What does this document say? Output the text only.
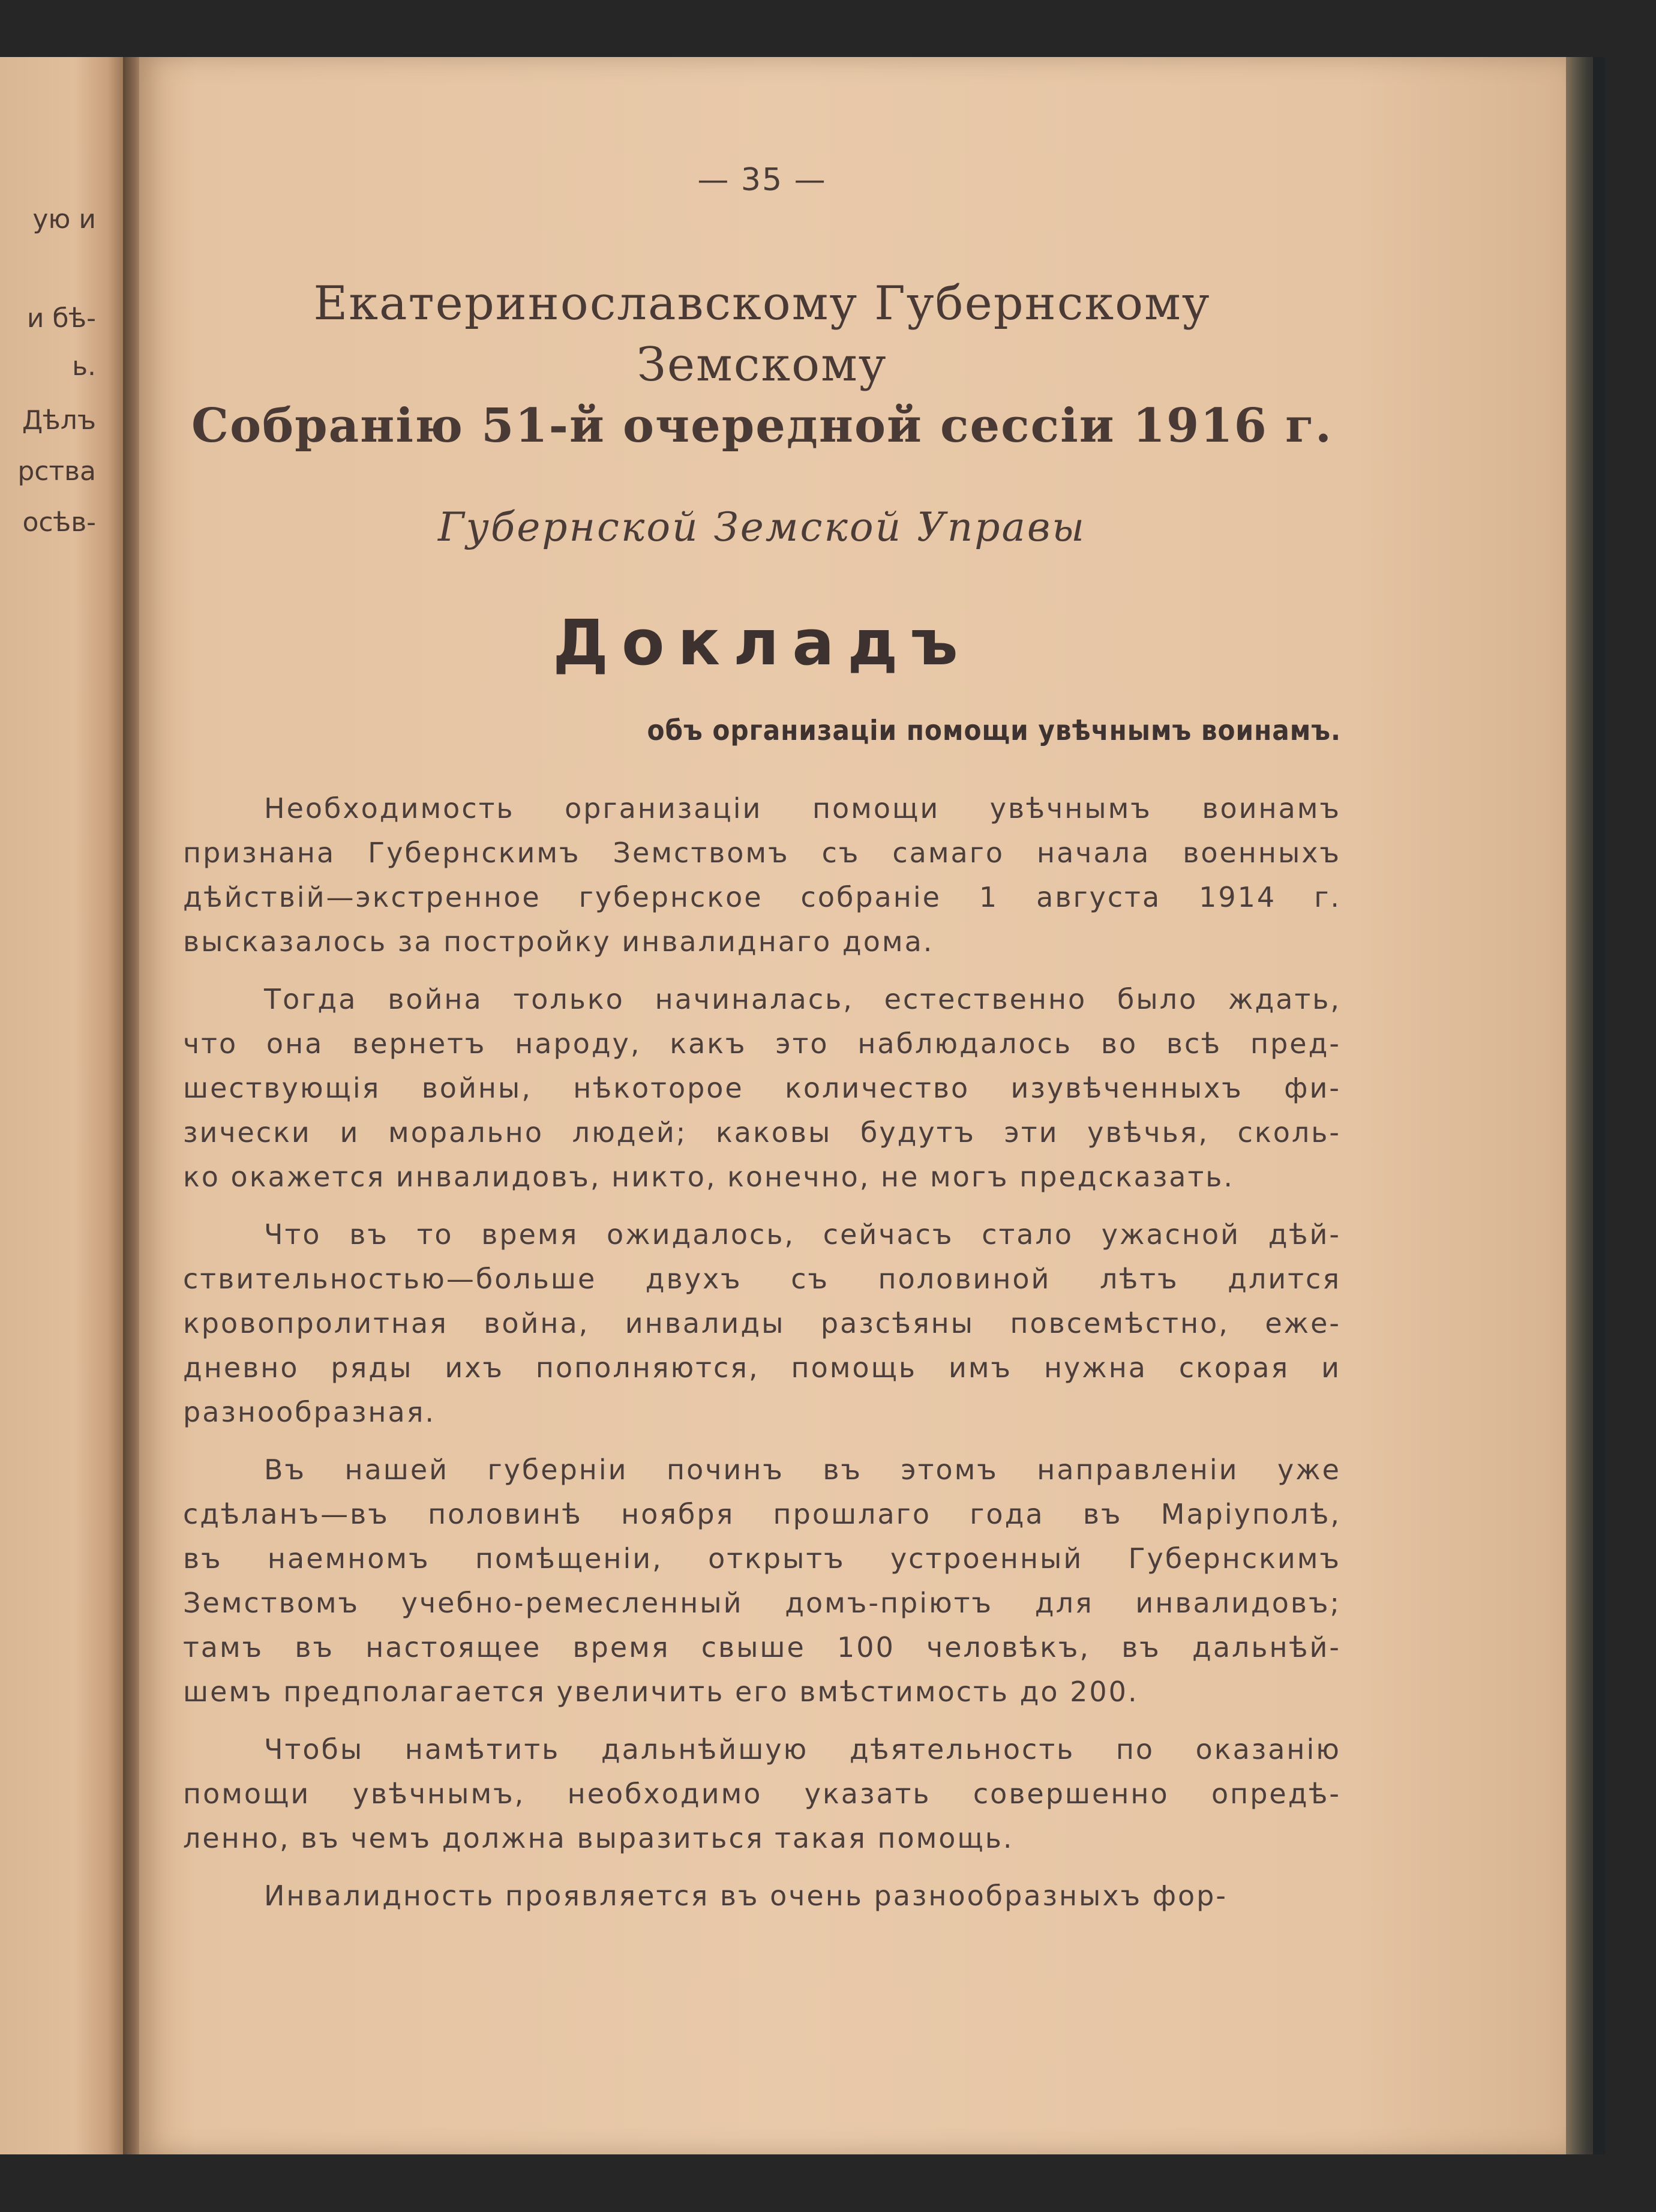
ую и
и бѣ-
ь.
Дѣлъ
рства
осѣв-
— 35 —
Екатеринославскому Губернскому Земскому
Собранію 51-й очередной сессіи 1916 г.
Губернской Земской Управы
Докладъ
объ организаціи помощи увѣчнымъ воинамъ.
Необходимость организаціи помощи увѣчнымъ воинамъ
признана Губернскимъ Земствомъ съ самаго начала военныхъ
дѣйствій—экстренное губернское собраніе 1 августа 1914 г.
высказалось за постройку инвалиднаго дома.
Тогда война только начиналась, естественно было ждать,
что она вернетъ народу, какъ это наблюдалось во всѣ пред-
шествующія войны, нѣкоторое количество изувѣченныхъ фи-
зически и морально людей; каковы будутъ эти увѣчья, сколь-
ко окажется инвалидовъ, никто, конечно, не могъ предсказать.
Что въ то время ожидалось, сейчасъ стало ужасной дѣй-
ствительностью—больше двухъ съ половиной лѣтъ длится
кровопролитная война, инвалиды разсѣяны повсемѣстно, еже-
дневно ряды ихъ пополняются, помощь имъ нужна скорая и
разнообразная.
Въ нашей губерніи починъ въ этомъ направленіи уже
сдѣланъ—въ половинѣ ноября прошлаго года въ Маріуполѣ,
въ наемномъ помѣщеніи, открытъ устроенный Губернскимъ
Земствомъ учебно-ремесленный домъ-пріютъ для инвалидовъ;
тамъ въ настоящее время свыше 100 человѣкъ, въ дальнѣй-
шемъ предполагается увеличить его вмѣстимость до 200.
Чтобы намѣтить дальнѣйшую дѣятельность по оказанію
помощи увѣчнымъ, необходимо указать совершенно опредѣ-
ленно, въ чемъ должна выразиться такая помощь.
Инвалидность проявляется въ очень разнообразныхъ фор-
